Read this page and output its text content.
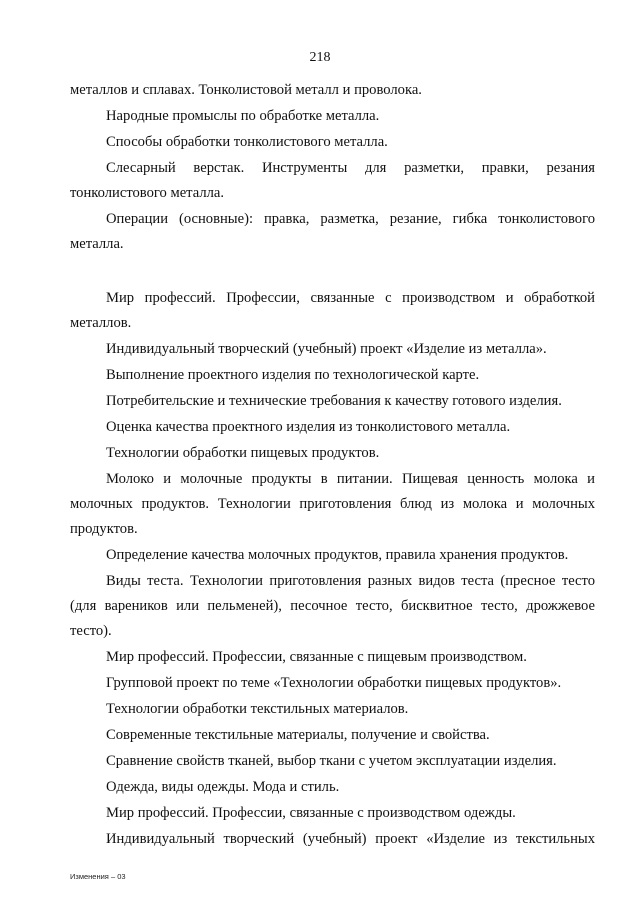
218

металлов и сплавах. Тонколистовой металл и проволока.

Народные промыслы по обработке металла.

Способы обработки тонколистового металла.

Слесарный верстак. Инструменты для разметки, правки, резания тонколистового металла.

Операции (основные): правка, разметка, резание, гибка тонколистового металла.

Мир профессий. Профессии, связанные с производством и обработкой металлов.

Индивидуальный творческий (учебный) проект «Изделие из металла».

Выполнение проектного изделия по технологической карте.

Потребительские и технические требования к качеству готового изделия.

Оценка качества проектного изделия из тонколистового металла.

Технологии обработки пищевых продуктов.

Молоко и молочные продукты в питании. Пищевая ценность молока и молочных продуктов. Технологии приготовления блюд из молока и молочных продуктов.

Определение качества молочных продуктов, правила хранения продуктов.

Виды теста. Технологии приготовления разных видов теста (пресное тесто (для вареников или пельменей), песочное тесто, бисквитное тесто, дрожжевое тесто).

Мир профессий. Профессии, связанные с пищевым производством.

Групповой проект по теме «Технологии обработки пищевых продуктов».

Технологии обработки текстильных материалов.

Современные текстильные материалы, получение и свойства.

Сравнение свойств тканей, выбор ткани с учетом эксплуатации изделия.

Одежда, виды одежды. Мода и стиль.

Мир профессий. Профессии, связанные с производством одежды.

Индивидуальный творческий (учебный) проект «Изделие из текстильных

Изменения – 03
